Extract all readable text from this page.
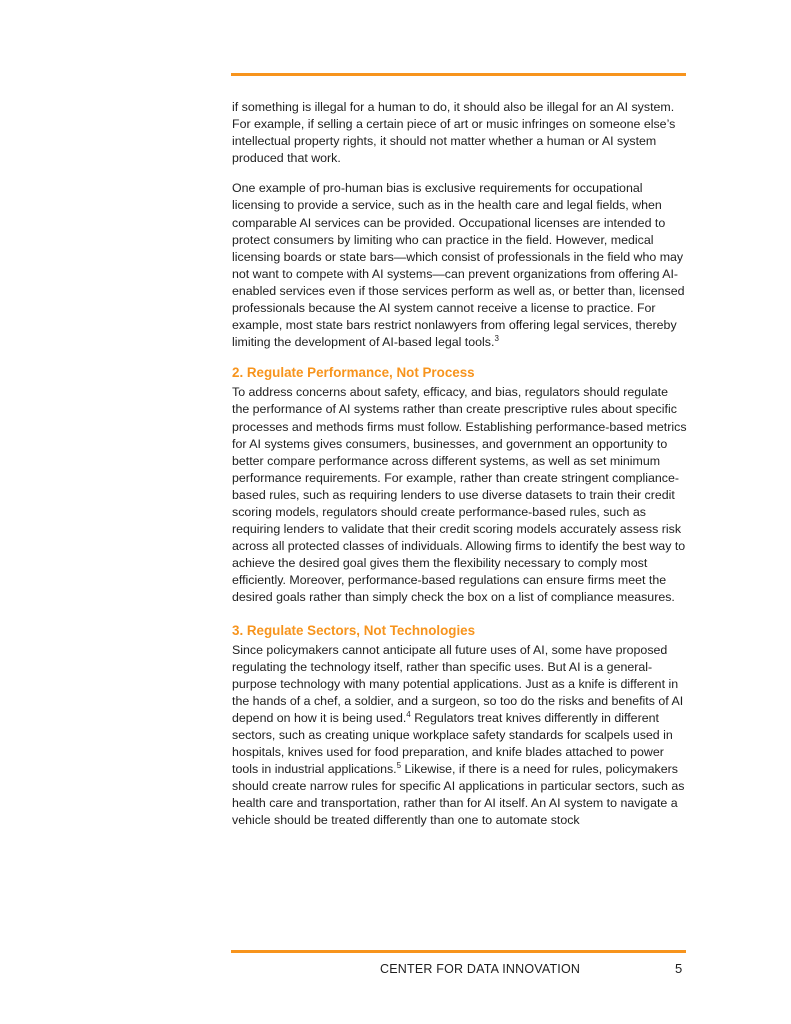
if something is illegal for a human to do, it should also be illegal for an AI system. For example, if selling a certain piece of art or music infringes on someone else’s intellectual property rights, it should not matter whether a human or AI system produced that work.

One example of pro-human bias is exclusive requirements for occupational licensing to provide a service, such as in the health care and legal fields, when comparable AI services can be provided. Occupational licenses are intended to protect consumers by limiting who can practice in the field. However, medical licensing boards or state bars—which consist of professionals in the field who may not want to compete with AI systems—can prevent organizations from offering AI-enabled services even if those services perform as well as, or better than, licensed professionals because the AI system cannot receive a license to practice. For example, most state bars restrict nonlawyers from offering legal services, thereby limiting the development of AI-based legal tools.$^3$

2. Regulate Performance, Not Process

To address concerns about safety, efficacy, and bias, regulators should regulate the performance of AI systems rather than create prescriptive rules about specific processes and methods firms must follow. Establishing performance-based metrics for AI systems gives consumers, businesses, and government an opportunity to better compare performance across different systems, as well as set minimum performance requirements. For example, rather than create stringent compliance-based rules, such as requiring lenders to use diverse datasets to train their credit scoring models, regulators should create performance-based rules, such as requiring lenders to validate that their credit scoring models accurately assess risk across all protected classes of individuals. Allowing firms to identify the best way to achieve the desired goal gives them the flexibility necessary to comply most efficiently. Moreover, performance-based regulations can ensure firms meet the desired goals rather than simply check the box on a list of compliance measures.

3. Regulate Sectors, Not Technologies

Since policymakers cannot anticipate all future uses of AI, some have proposed regulating the technology itself, rather than specific uses. But AI is a general-purpose technology with many potential applications. Just as a knife is different in the hands of a chef, a soldier, and a surgeon, so too do the risks and benefits of AI depend on how it is being used.$^4$ Regulators treat knives differently in different sectors, such as creating unique workplace safety standards for scalpels used in hospitals, knives used for food preparation, and knife blades attached to power tools in industrial applications.$^5$ Likewise, if there is a need for rules, policymakers should create narrow rules for specific AI applications in particular sectors, such as health care and transportation, rather than for AI itself. An AI system to navigate a vehicle should be treated differently than one to automate stock

CENTER FOR DATA INNOVATION	5
